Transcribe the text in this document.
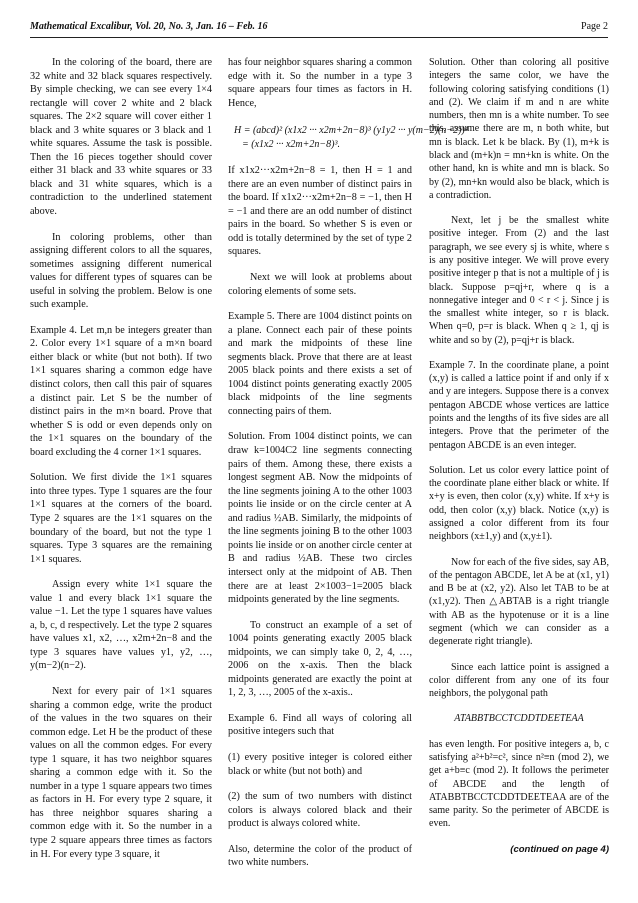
Mathematical Excalibur, Vol. 20, No. 3, Jan. 16 – Feb. 16	Page 2

In the coloring of the board, there are 32 white and 32 black squares respectively. By simple checking, we can see every 1×4 rectangle will cover 2 white and 2 black squares. The 2×2 square will cover either 1 black and 3 white squares or 3 black and 1 white squares. Assume the task is possible. Then the 16 pieces together should cover either 31 black and 33 white squares or 33 black and 31 white squares, which is a contradiction to the underlined statement above.

In coloring problems, other than assigning different colors to all the squares, sometimes assigning different numerical values for different types of squares can be useful in solving the problem. Below is one such example.

Example 4. Let m,n be integers greater than 2. Color every 1×1 square of a m×n board either black or white (but not both). If two 1×1 squares sharing a common edge have distinct colors, then call this pair of squares a distinct pair. Let S be the number of distinct pairs in the m×n board. Prove that whether S is odd or even depends only on the 1×1 squares on the boundary of the board excluding the 4 corner 1×1 squares.

Solution. We first divide the 1×1 squares into three types. Type 1 squares are the four 1×1 squares at the corners of the board. Type 2 squares are the 1×1 squares on the boundary of the board, but not the type 1 squares. Type 3 squares are the remaining 1×1 squares.

Assign every white 1×1 square the value 1 and every black 1×1 square the value −1. Let the type 1 squares have values a, b, c, d respectively. Let the type 2 squares have values x1, x2, …, x2m+2n−8 and the type 3 squares have values y1, y2, …, y(m−2)(n−2).

Next for every pair of 1×1 squares sharing a common edge, write the product of the values in the two squares on their common edge. Let H be the product of these values on all the common edges. For every type 1 square, it has two neighbor squares sharing a common edge with it. So the number in a type 1 square appears two times as factors in H. For every type 2 square, it has three neighbor squares sharing a common edge with it. So the number in a type 2 square appears three times as factors in H. For every type 3 square, it

has four neighbor squares sharing a common edge with it. So the number in a type 3 square appears four times as factors in H. Hence,

H = (abcd)² (x1x2 ··· x2m+2n−8)³ (y1y2 ··· y(m−2)(n−2))⁴
= (x1x2 ··· x2m+2n−8)³.

If x1x2···x2m+2n−8 = 1, then H = 1 and there are an even number of distinct pairs in the board. If x1x2···x2m+2n−8 = −1, then H = −1 and there are an odd number of distinct pairs in the board. So whether S is even or odd is totally determined by the set of type 2 squares.

Next we will look at problems about coloring elements of some sets.

Example 5. There are 1004 distinct points on a plane. Connect each pair of these points and mark the midpoints of these line segments black. Prove that there are at least 2005 black points and there exists a set of 1004 distinct points generating exactly 2005 black midpoints of the line segments connecting pairs of them.

Solution. From 1004 distinct points, we can draw k=1004C2 line segments connecting pairs of them. Among these, there exists a longest segment AB. Now the midpoints of the line segments joining A to the other 1003 points lie inside or on the circle center at A and radius ½AB. Similarly, the midpoints of the line segments joining B to the other 1003 points lie inside or on another circle center at B and radius ½AB. These two circles intersect only at the midpoint of AB. Then there are at least 2×1003−1=2005 black midpoints generated by the line segments.

To construct an example of a set of 1004 points generating exactly 2005 black midpoints, we can simply take 0, 2, 4, …, 2006 on the x-axis. Then the black midpoints generated are exactly the point at 1, 2, 3, …, 2005 of the x-axis..

Example 6. Find all ways of coloring all positive integers such that

(1) every positive integer is colored either black or white (but not both) and

(2) the sum of two numbers with distinct colors is always colored black and their product is always colored white.

Also, determine the color of the product of two white numbers.

Solution. Other than coloring all positive integers the same color, we have the following coloring satisfying conditions (1) and (2). We claim if m and n are white numbers, then mn is a white number. To see this, assume there are m, n both white, but mn is black. Let k be black. By (1), m+k is black and (m+k)n = mn+kn is white. On the other hand, kn is white and mn is black. So by (2), mn+kn would also be black, which is a contradiction.

Next, let j be the smallest white positive integer. From (2) and the last paragraph, we see every sj is white, where s is any positive integer. We will prove every positive integer p that is not a multiple of j is black. Suppose p=qj+r, where q is a nonnegative integer and 0 < r < j. Since j is the smallest white integer, so r is black. When q=0, p=r is black. When q ≥ 1, qj is white and so by (2), p=qj+r is black.

Example 7. In the coordinate plane, a point (x,y) is called a lattice point if and only if x and y are integers. Suppose there is a convex pentagon ABCDE whose vertices are lattice points and the lengths of its five sides are all integers. Prove that the perimeter of the pentagon ABCDE is an even integer.

Solution. Let us color every lattice point of the coordinate plane either black or white. If x+y is even, then color (x,y) white. If x+y is odd, then color (x,y) black. Notice (x,y) is assigned a color different from its four neighbors (x±1,y) and (x,y±1).

Now for each of the five sides, say AB, of the pentagon ABCDE, let A be at (x1, y1) and B be at (x2, y2). Also let TAB to be at (x1,y2). Then △ABTAB is a right triangle with AB as the hypotenuse or it is a line segment (which we can consider as a degenerate right triangle).

Since each lattice point is assigned a color different from any one of its four neighbors, the polygonal path

ATABBTBCCTCDDTDEETEAA

has even length. For positive integers a, b, c satisfying a²+b²=c², since n²≡n (mod 2), we get a+b≡c (mod 2). It follows the perimeter of ABCDE and the length of ATABBTBCCTCDDTDEETEAA are of the same parity. So the perimeter of ABCDE is even.

(continued on page 4)
